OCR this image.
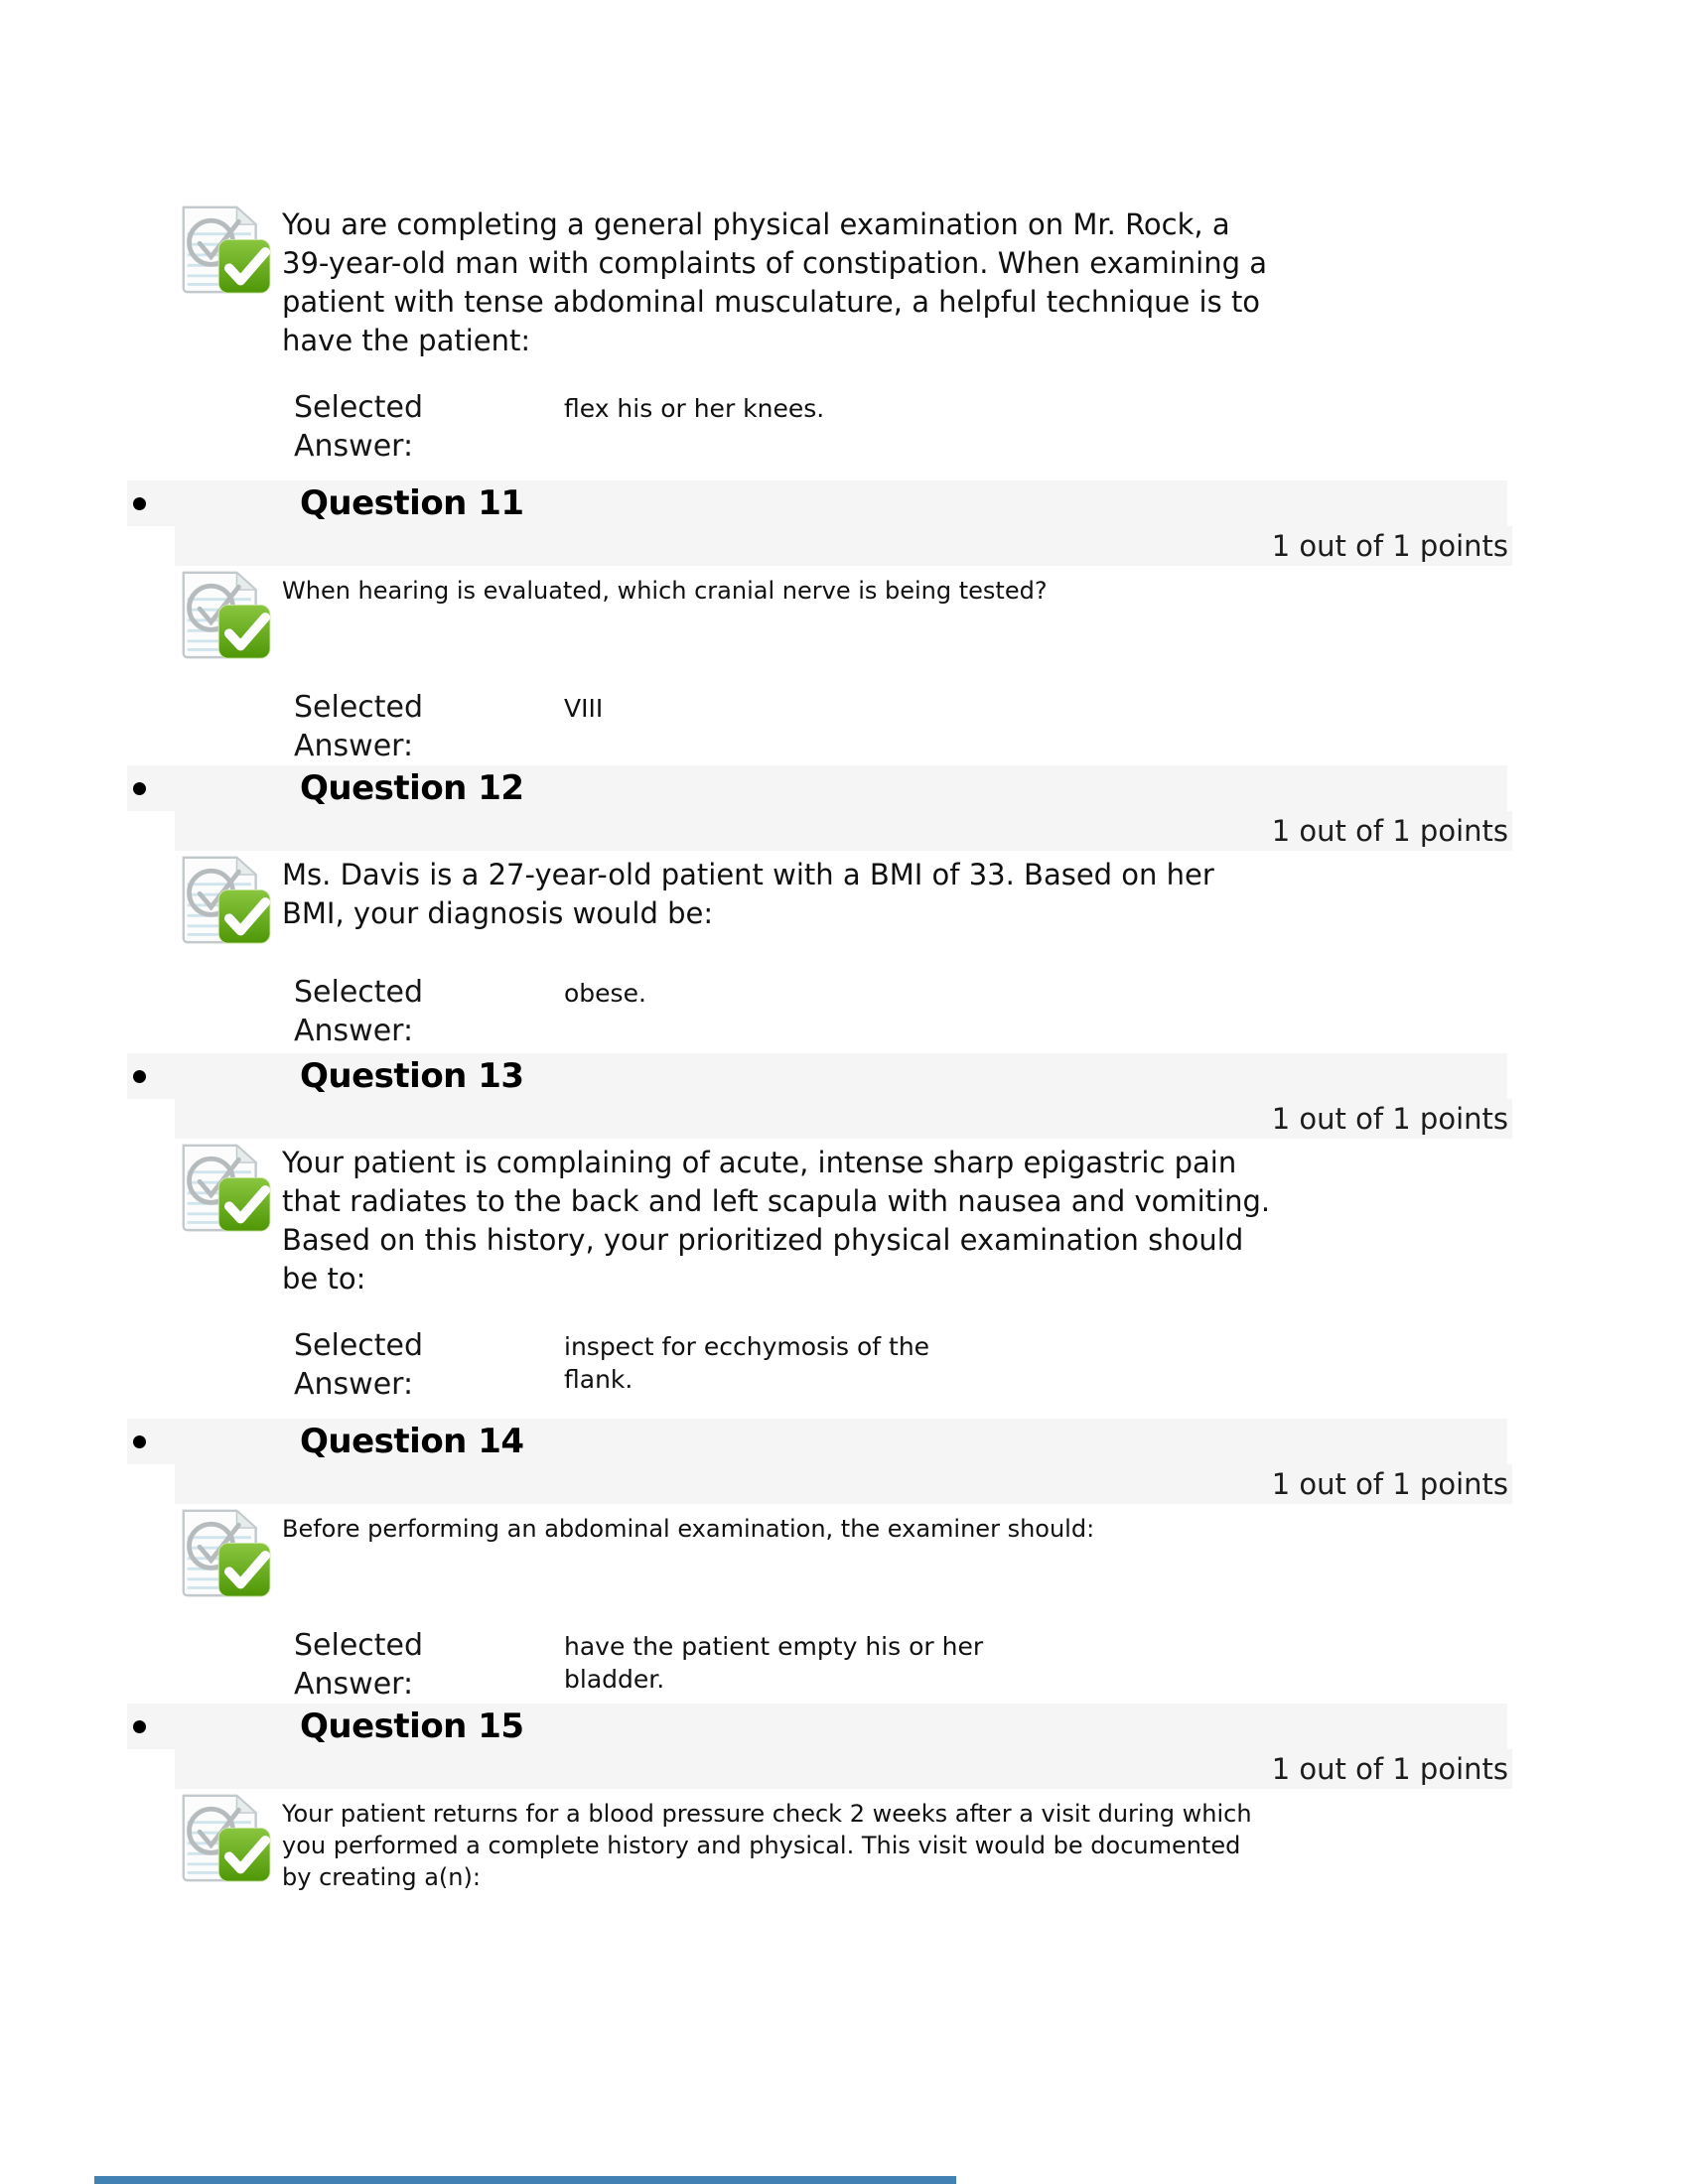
You are completing a general physical examination on Mr. Rock, a
39-year-old man with complaints of constipation. When examining a
patient with tense abdominal musculature, a helpful technique is to
have the patient:
Selected
Answer:
flex his or her knees.
Question 11
1 out of 1 points
When hearing is evaluated, which cranial nerve is being tested?
Selected
Answer:
VIII
Question 12
1 out of 1 points
Ms. Davis is a 27-year-old patient with a BMI of 33. Based on her
BMI, your diagnosis would be:
Selected
Answer:
obese.
Question 13
1 out of 1 points
Your patient is complaining of acute, intense sharp epigastric pain
that radiates to the back and left scapula with nausea and vomiting.
Based on this history, your prioritized physical examination should
be to:
Selected
Answer:
inspect for ecchymosis of the
flank.
Question 14
1 out of 1 points
Before performing an abdominal examination, the examiner should:
Selected
Answer:
have the patient empty his or her
bladder.
Question 15
1 out of 1 points
Your patient returns for a blood pressure check 2 weeks after a visit during which
you performed a complete history and physical. This visit would be documented
by creating a(n):
